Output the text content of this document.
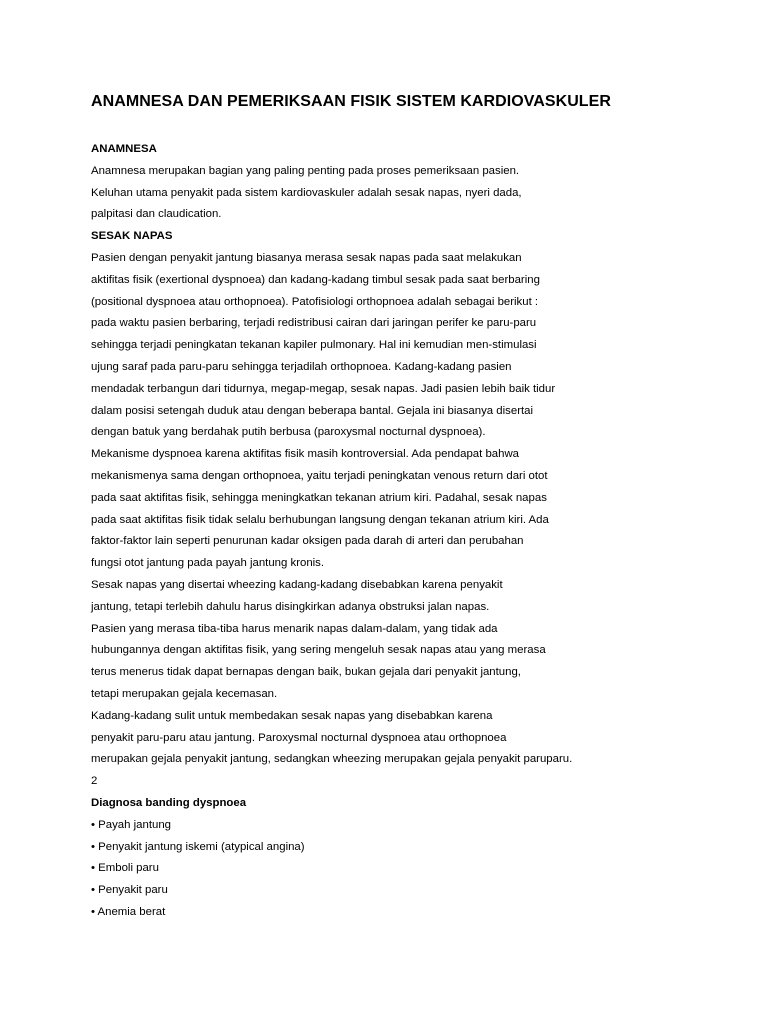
ANAMNESA DAN PEMERIKSAAN FISIK SISTEM KARDIOVASKULER

ANAMNESA

Anamnesa merupakan bagian yang paling penting pada proses pemeriksaan pasien.

Keluhan utama penyakit pada sistem kardiovaskuler adalah sesak napas, nyeri dada,

palpitasi dan claudication.

SESAK NAPAS

Pasien dengan penyakit jantung biasanya merasa sesak napas pada saat melakukan

aktifitas fisik (exertional dyspnoea) dan kadang-kadang timbul sesak pada saat berbaring

(positional dyspnoea atau orthopnoea). Patofisiologi orthopnoea adalah sebagai berikut :

pada waktu pasien berbaring, terjadi redistribusi cairan dari jaringan perifer ke paru-paru

sehingga terjadi peningkatan tekanan kapiler pulmonary. Hal ini kemudian men-stimulasi

ujung saraf pada paru-paru sehingga terjadilah orthopnoea. Kadang-kadang pasien

mendadak terbangun dari tidurnya, megap-megap, sesak napas. Jadi pasien lebih baik tidur

dalam posisi setengah duduk atau dengan beberapa bantal. Gejala ini biasanya disertai

dengan batuk yang berdahak putih berbusa (paroxysmal nocturnal dyspnoea).

Mekanisme dyspnoea karena aktifitas fisik masih kontroversial. Ada pendapat bahwa

mekanismenya sama dengan orthopnoea, yaitu terjadi peningkatan venous return dari otot

pada saat aktifitas fisik, sehingga meningkatkan tekanan atrium kiri. Padahal, sesak napas

pada saat aktifitas fisik tidak selalu berhubungan langsung dengan tekanan atrium kiri. Ada

faktor-faktor lain seperti penurunan kadar oksigen pada darah di arteri dan perubahan

fungsi otot jantung pada payah jantung kronis.

Sesak napas yang disertai wheezing kadang-kadang disebabkan karena penyakit

jantung, tetapi terlebih dahulu harus disingkirkan adanya obstruksi jalan napas.

Pasien yang merasa tiba-tiba harus menarik napas dalam-dalam, yang tidak ada

hubungannya dengan aktifitas fisik, yang sering mengeluh sesak napas atau yang merasa

terus menerus tidak dapat bernapas dengan baik, bukan gejala dari penyakit jantung,

tetapi merupakan gejala kecemasan.

Kadang-kadang sulit untuk membedakan sesak napas yang disebabkan karena

penyakit paru-paru atau jantung. Paroxysmal nocturnal dyspnoea atau orthopnoea

merupakan gejala penyakit jantung, sedangkan wheezing merupakan gejala penyakit paruparu.

2

Diagnosa banding dyspnoea

• Payah jantung

• Penyakit jantung iskemi (atypical angina)

• Emboli paru

• Penyakit paru

• Anemia berat
